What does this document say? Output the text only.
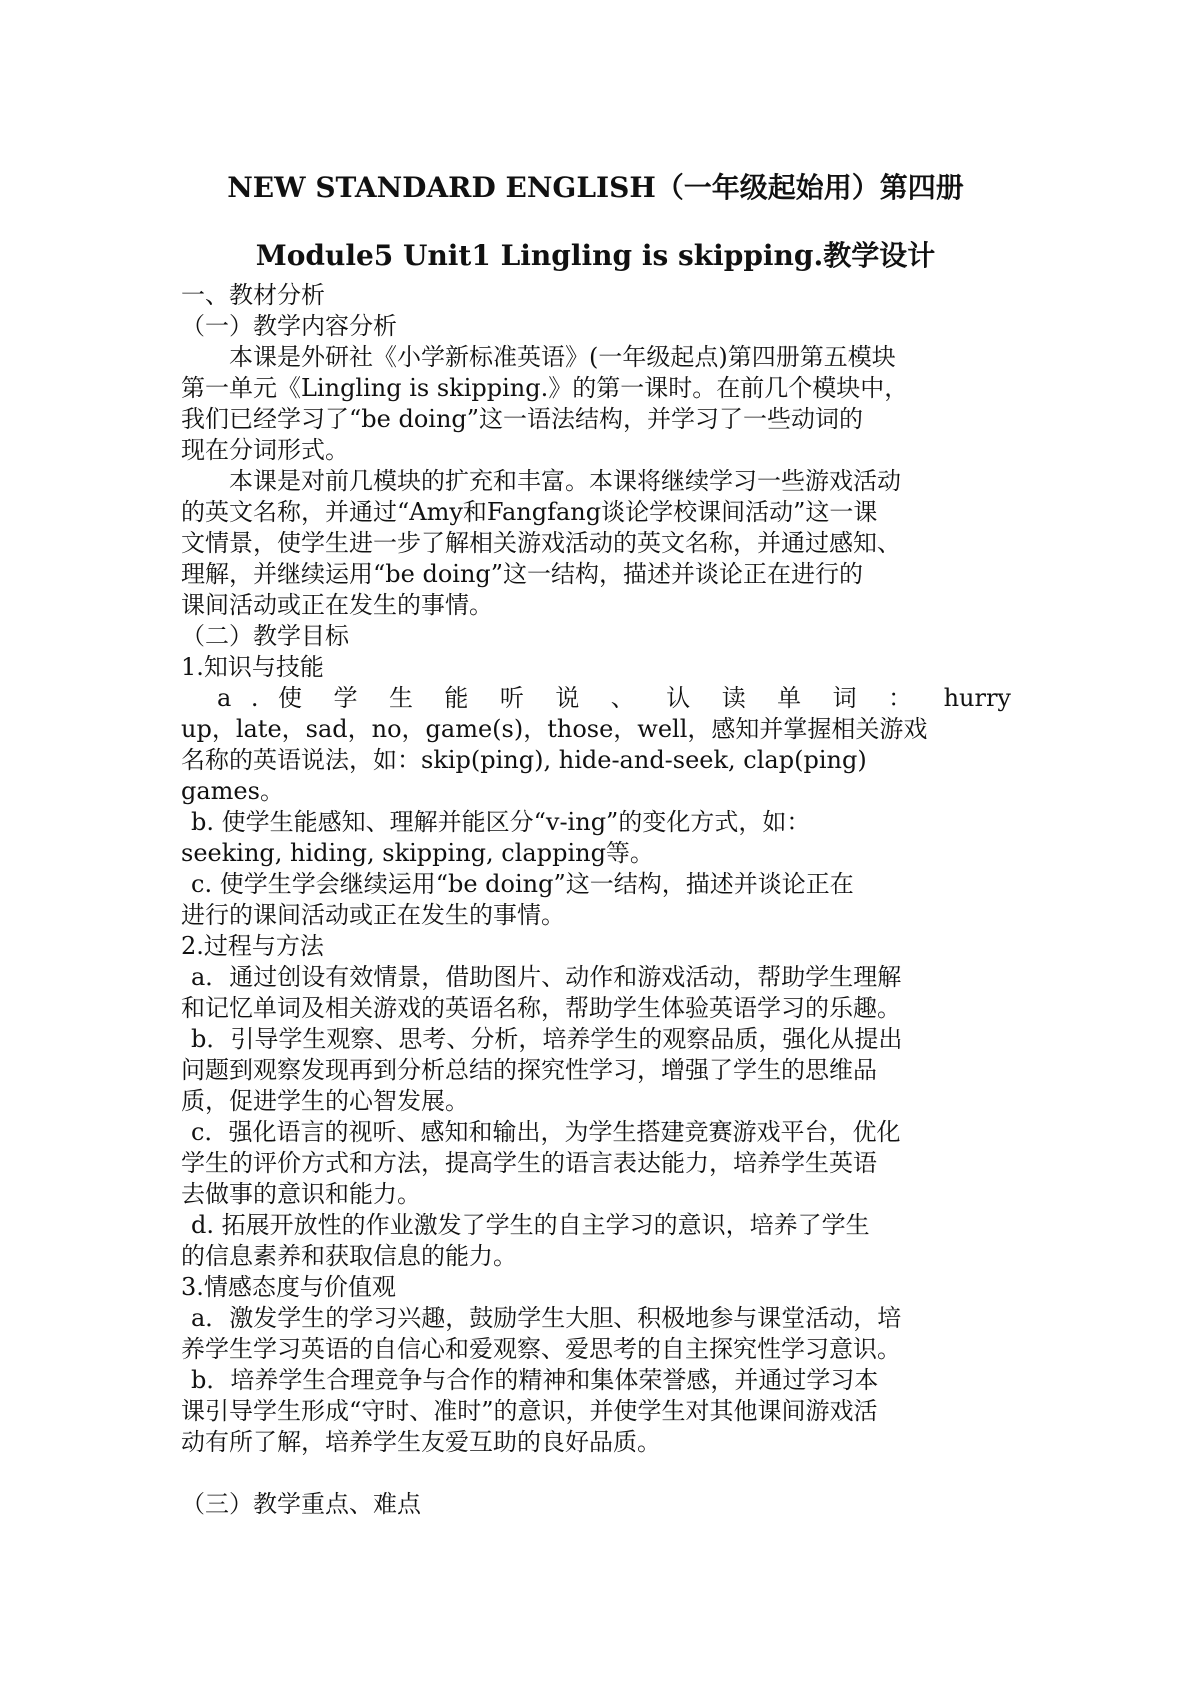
NEW STANDARD ENGLISH（一年级起始用）第四册
Module5 Unit1 Lingling is skipping.教学设计
一、教材分析
（一）教学内容分析
本课是外研社《小学新标准英语》(一年级起点)第四册第五模块
第一单元《Lingling is skipping.》的第一课时。在前几个模块中，
我们已经学习了“be doing”这一语法结构，并学习了一些动词的
现在分词形式。
本课是对前几模块的扩充和丰富。本课将继续学习一些游戏活动
的英文名称，并通过“Amy和Fangfang谈论学校课间活动”这一课
文情景，使学生进一步了解相关游戏活动的英文名称，并通过感知、
理解，并继续运用“be doing”这一结构，描述并谈论正在进行的
课间活动或正在发生的事情。
（二）教学目标
1.知识与技能
a . 使 学 生 能 听 说 、 认 读 单 词 ： hurry
up，late，sad，no，game(s)，those，well，感知并掌握相关游戏
名称的英语说法，如：skip(ping), hide-and-seek, clap(ping)
games。
b. 使学生能感知、理解并能区分“v-ing”的变化方式，如：
seeking, hiding, skipping, clapping等。
c. 使学生学会继续运用“be doing”这一结构，描述并谈论正在
进行的课间活动或正在发生的事情。
2.过程与方法
a．通过创设有效情景，借助图片、动作和游戏活动，帮助学生理解
和记忆单词及相关游戏的英语名称，帮助学生体验英语学习的乐趣。
b．引导学生观察、思考、分析，培养学生的观察品质，强化从提出
问题到观察发现再到分析总结的探究性学习，增强了学生的思维品
质，促进学生的心智发展。
c．强化语言的视听、感知和输出，为学生搭建竞赛游戏平台，优化
学生的评价方式和方法，提高学生的语言表达能力，培养学生英语
去做事的意识和能力。
d. 拓展开放性的作业激发了学生的自主学习的意识，培养了学生
的信息素养和获取信息的能力。
3.情感态度与价值观
a．激发学生的学习兴趣，鼓励学生大胆、积极地参与课堂活动，培
养学生学习英语的自信心和爱观察、爱思考的自主探究性学习意识。
b．培养学生合理竞争与合作的精神和集体荣誉感，并通过学习本
课引导学生形成“守时、准时”的意识，并使学生对其他课间游戏活
动有所了解，培养学生友爱互助的良好品质。
（三）教学重点、难点
